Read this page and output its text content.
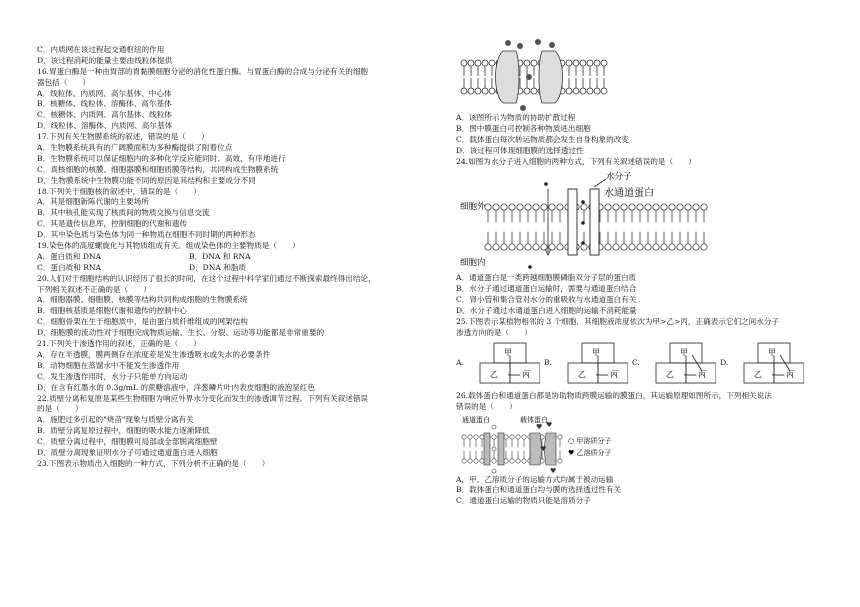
C．内质网在该过程起交通枢纽的作用
D．该过程消耗的能量主要由线粒体提供
16.胃蛋白酶是一种由胃部的胃黏膜细胞分泌的消化性蛋白酶。与胃蛋白酶的合成与分泌有关的细胞
器包括（　　）
A．线粒体、内质网、高尔基体、中心体
B．核糖体、线粒体、溶酶体、高尔基体
C．核糖体、内质网、高尔基体、线粒体
D．线粒体、溶酶体、内质网、高尔基体
17.下列有关生物膜系统的叙述，错误的是（　　）
A．生物膜系统具有的广阔膜面积为多种酶提供了附着位点
B．生物膜系统可以保证细胞内的多种化学反应能同时、高效、有序地进行
C．真核细胞的核膜、细胞器膜和细胞质膜等结构，共同构成生物膜系统
D．生物膜系统中生物膜功能不同的原因是其结构和主要成分不同
18.下列关于细胞核的叙述中，错误的是（　　）
A．其是细胞新陈代谢的主要场所
B．其中核孔能实现了核质间的物质交换与信息交流
C．其是遗传信息库，控制细胞的代谢和遗传
D．其中染色质与染色体为同一种物质在细胞不同时期的两种形态
19.染色体的高度螺旋化与其物质组成有关。组成染色体的主要物质是（　　）
A．蛋白质和 DNA	B．DNA 和 RNA
C．蛋白质和 RNA	D．DNA 和脂质
20.人们对于细胞结构的认识经历了很长的时间，在这个过程中科学家们通过不断探索最终得出结论，
下列相关叙述不正确的是（　　）
A．细胞器膜、细胞膜、核膜等结构共同构成细胞的生物膜系统
B．细胞核基质是细胞代谢和遗传的控制中心
C．细胞骨架在生于细胞质中，是由蛋白质纤维组成的网架结构
D．细胞膜的流动性对于细胞完成物质运输、生长、分裂、运动等功能都是非常重要的
21.下列关于渗透作用的叙述，正确的是（　　）
A．存在半透膜，膜两侧存在浓度差是发生渗透吸水或失水的必要条件
B．动物细胞在蒸馏水中不能发生渗透作用
C．发生渗透作用时，水分子只能单方向运动
D．在含有红墨水的 0.3g/mL 的蔗糖溶液中，洋葱鳞片叶内表皮细胞的液泡显红色
22.质壁分离和复原是某些生物细胞为响应外界水分变化而发生的渗透调节过程。下列有关叙述错误
的是（　　）
A．施肥过多引起的"烧苗"现象与质壁分离有关
B．质壁分离复原过程中，细胞的吸水能力逐渐降低
C．质壁分离过程中，细胞膜可局部或全部脱离细胞壁
D．质壁分离现象证明水分子可通过通道蛋白进入细胞
23.下图表示物质出入细胞的一种方式，下列分析不正确的是（　　）
A．该图所示为物质的协助扩散过程
B．图中膜蛋白可控制各种物质进出细胞
C．载体蛋白每次转运物质都会发生自身构象的改变
D．该过程可体现细胞膜的选择透过性
24.如图为水分子进入细胞的两种方式，下列有关叙述错误的是（　　）
水分子
水通道蛋白
细胞外
细胞内
A．通道蛋白是一类跨越细胞膜磷脂双分子层的蛋白质
B．水分子通过通道蛋白运输时，需要与通道蛋白结合
C．肾小管和集合管对水分的重吸收与水通道蛋白有关
D．水分子通过水通道蛋白进入细胞的运输不消耗能量
25.下图表示某植物相邻的 3 个细胞，其细胞液浓度依次为甲>乙>丙，正确表示它们之间水分子
渗透方向的是（　　）
A.
甲
乙	丙
B.
甲
乙	丙
C.
甲
乙	丙
D.
甲
乙	丙
26.载体蛋白和通道蛋白都是协助物质跨膜运输的膜蛋白，其运输原理如图所示，下列相关说法
错误的是（　　）
通道蛋白	载体蛋白
♥ ♥
♥
♥
○ 甲溶质分子
♥ 乙溶质分子
A．甲、乙溶质分子的运输方式均属于被动运输
B．载体蛋白和通道蛋白均与膜的选择透过性有关
C．通道蛋白运输的物质只能是溶质分子
